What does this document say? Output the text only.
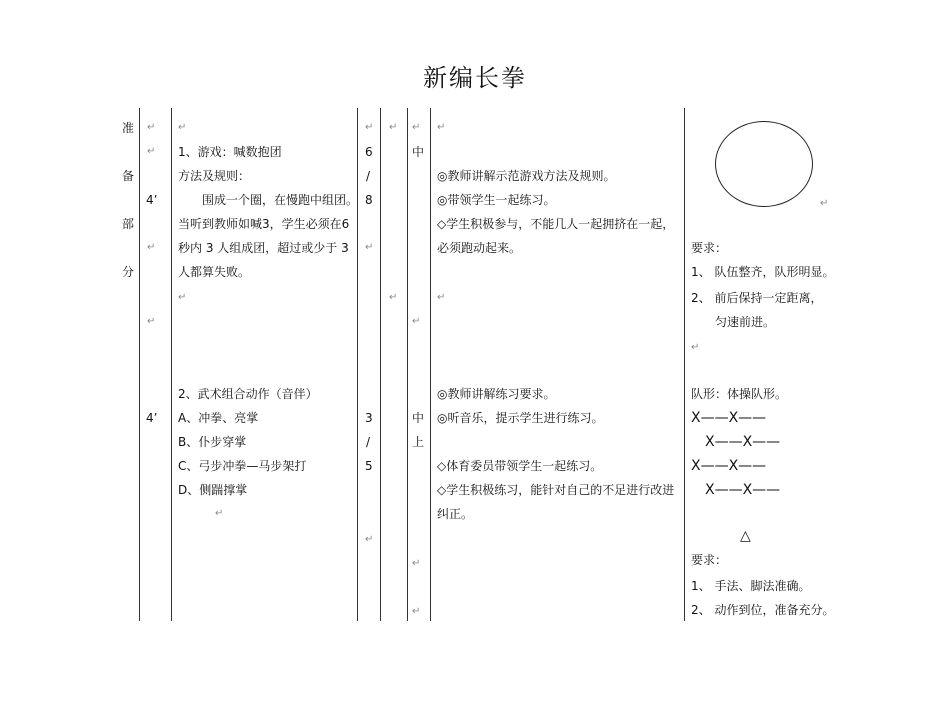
新编长拳
准
备
部
分
4’
4’
1、游戏：喊数抱团
方法及规则：
　　围成一个圈，在慢跑中组团。
当听到教师如喊3，学生必须在6
秒内 3 人组成团，超过或少于 3
人都算失败。
2、武术组合动作（音伴）
A、冲拳、亮掌
B、仆步穿掌
C、弓步冲拳—马步架打
D、侧踹撑掌
6
/
8
3
/
5
中
中
上
◎教师讲解示范游戏方法及规则。
◎带领学生一起练习。
◇学生积极参与，不能几人一起拥挤在一起，
必须跑动起来。
◎教师讲解练习要求。
◎听音乐，提示学生进行练习。
◇体育委员带领学生一起练习。
◇学生积极练习，能针对自己的不足进行改进
纠正。
要求：
1、 队伍整齐，队形明显。
2、 前后保持一定距离，
　　匀速前进。
队形：体操队形。
X——X——
　X——X——
X——X——
　X——X——
△
要求：
1、 手法、脚法准确。
2、 动作到位，准备充分。
↵
↵
↵
↵
↵
↵
↵
↵
↵
↵
↵
↵
↵
↵
↵
↵
↵
↵
↵
↵
